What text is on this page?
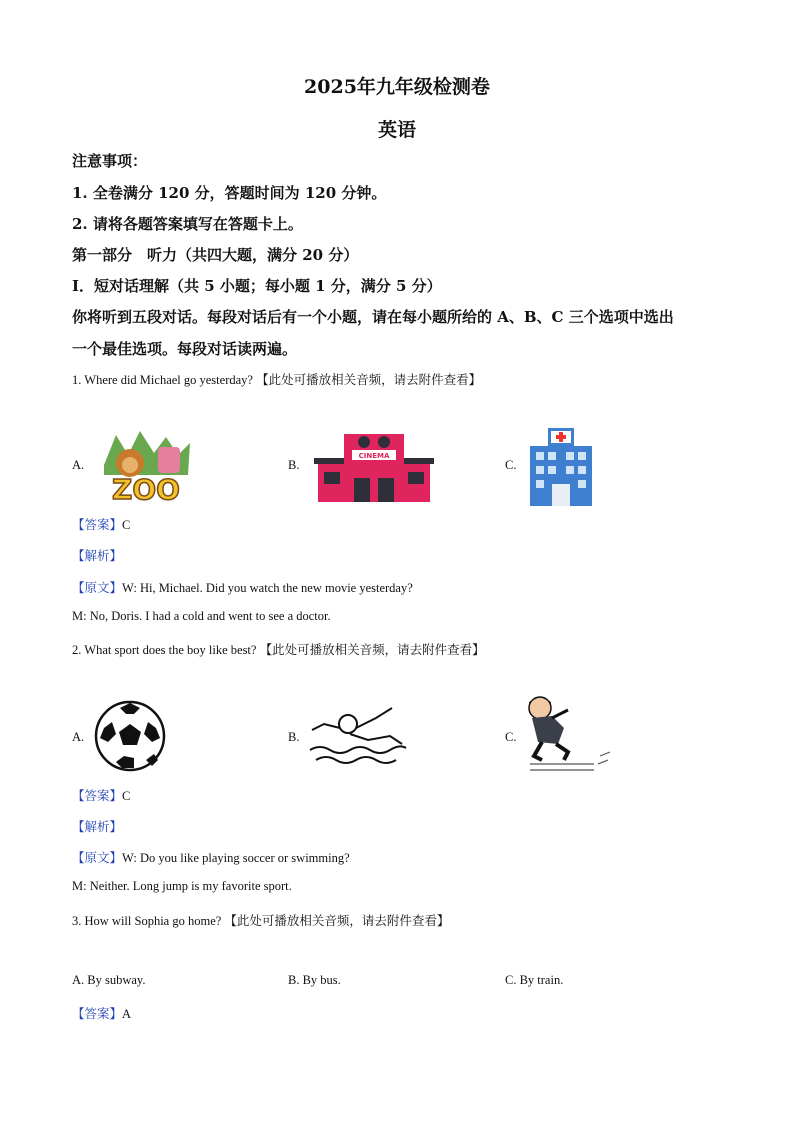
2025年九年级检测卷
英语
注意事项：
1. 全卷满分 120 分，答题时间为 120 分钟。
2. 请将各题答案填写在答题卡上。
第一部分　听力（共四大题，满分 20 分）
Ⅰ．短对话理解（共 5 小题；每小题 1 分，满分 5 分）
你将听到五段对话。每段对话后有一个小题，请在每小题所给的 A、B、C 三个选项中选出
一个最佳选项。每段对话读两遍。
1. Where did Michael go yesterday? 【此处可播放相关音频，请去附件查看】
A.
ZOO
B.
CINEMA
C.
【答案】C
【解析】
【原文】W: Hi, Michael. Did you watch the new movie yesterday?
M: No, Doris. I had a cold and went to see a doctor.
2. What sport does the boy like best? 【此处可播放相关音频，请去附件查看】
A.	B.	C.
【答案】C
【解析】
【原文】W: Do you like playing soccer or swimming?
M: Neither. Long jump is my favorite sport.
3. How will Sophia go home? 【此处可播放相关音频，请去附件查看】
A. By subway.	B. By bus.	C. By train.
【答案】A
